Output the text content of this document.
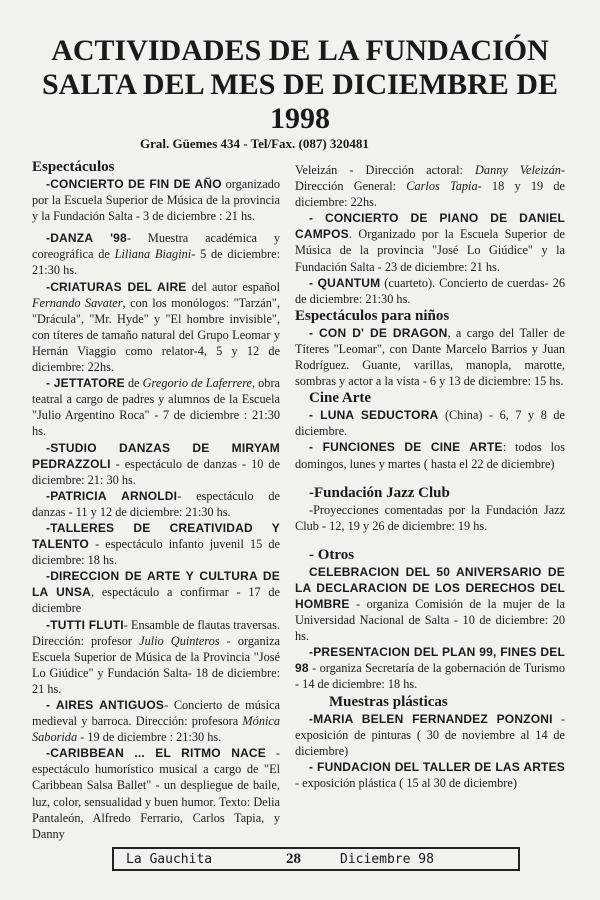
ACTIVIDADES DE LA FUNDACIÓN SALTA DEL MES DE DICIEMBRE DE 1998
Gral. Güemes 434 - Tel/Fax. (087) 320481

Espectáculos

-CONCIERTO DE FIN DE AÑO organizado por la Escuela Superior de Música de la provincia y la Fundación Salta - 3 de diciembre : 21 hs.

-DANZA '98- Muestra académica y coreográfica de Liliana Biagini- 5 de diciembre: 21:30 hs.

-CRIATURAS DEL AIRE del autor español Fernando Savater, con los monólogos: "Tarzán", "Drácula", "Mr. Hyde" y "El hombre invisible", con títeres de tamaño natural del Grupo Leomar y Hernán Viaggio como relator-4, 5 y 12 de diciembre: 22hs.

- JETTATORE de Gregorio de Laferrere, obra teatral a cargo de padres y alumnos de la Escuela "Julio Argentino Roca" - 7 de diciembre : 21:30 hs.

-STUDIO DANZAS DE MIRYAM PEDRAZZOLI - espectáculo de danzas - 10 de diciembre: 21: 30 hs.

-PATRICIA ARNOLDI- espectáculo de danzas - 11 y 12 de diciembre: 21:30 hs.

-TALLERES DE CREATIVIDAD Y TALENTO - espectáculo infanto juvenil 15 de diciembre: 18 hs.

-DIRECCION DE ARTE Y CULTURA DE LA UNSA, espectáculo a confirmar - 17 de diciembre

-TUTTI FLUTI- Ensamble de flautas traversas. Dirección: profesor Julio Quinteros - organiza Escuela Superior de Música de la Provincia "José Lo Giúdice" y Fundación Salta- 18 de diciembre: 21 hs.

- AIRES ANTIGUOS- Concierto de música medieval y barroca. Dirección: profesora Mónica Saborida - 19 de diciembre : 21:30 hs.

-CARIBBEAN ... EL RITMO NACE - espectáculo humorístico musical a cargo de "El Caribbean Salsa Ballet" - un despliegue de baile, luz, color, sensualidad y buen humor. Texto: Delia Pantaleón, Alfredo Ferrario, Carlos Tapia, y Danny

Veleizán - Dirección actoral: Danny Veleizán- Dirección General: Carlos Tapia- 18 y 19 de diciembre: 22hs.

- CONCIERTO DE PIANO DE DANIEL CAMPOS. Organizado por la Escuela Superior de Música de la provincia "José Lo Giúdice" y la Fundación Salta - 23 de diciembre: 21 hs.

- QUANTUM (cuarteto). Concierto de cuerdas- 26 de diciembre: 21:30 hs.

Espectáculos para niños

- CON D' DE DRAGON, a cargo del Taller de Títeres "Leomar", con Dante Marcelo Barrios y Juan Rodríguez. Guante, varillas, manopla, marotte, sombras y actor a la vista - 6 y 13 de diciembre: 15 hs.

Cine Arte

- LUNA SEDUCTORA (China) - 6, 7 y 8 de diciembre.

- FUNCIONES DE CINE ARTE: todos los domingos, lunes y martes ( hasta el 22 de diciembre)

-Fundación Jazz Club

-Proyecciones comentadas por la Fundación Jazz Club - 12, 19 y 26 de diciembre: 19 hs.

- Otros

CELEBRACION DEL 50 ANIVERSARIO DE LA DECLARACION DE LOS DERECHOS DEL HOMBRE - organiza Comisión de la mujer de la Universidad Nacional de Salta - 10 de diciembre: 20 hs.

-PRESENTACION DEL PLAN 99, FINES DEL 98 - organiza Secretaría de la gobernación de Turismo - 14 de diciembre: 18 hs.

Muestras plásticas

-MARIA BELEN FERNANDEZ PONZONI - exposición de pinturas ( 30 de noviembre al 14 de diciembre)

- FUNDACION DEL TALLER DE LAS ARTES - exposición plástica ( 15 al 30 de diciembre)

La Gauchita	28	Diciembre 98
